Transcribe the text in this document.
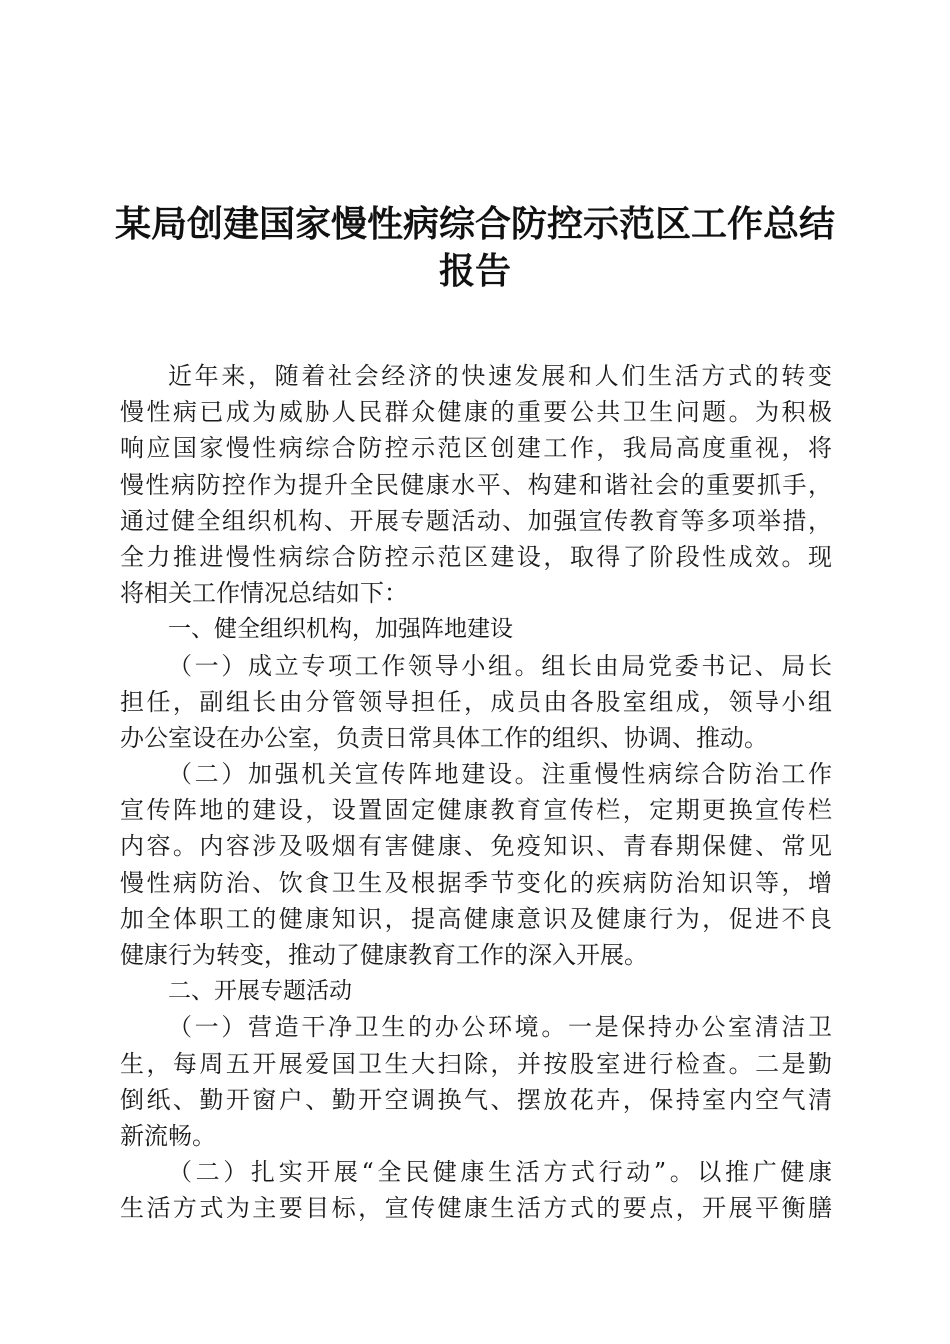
某局创建国家慢性病综合防控示范区工作总结
报告
近年来，随着社会经济的快速发展和人们生活方式的转变
慢性病已成为威胁人民群众健康的重要公共卫生问题。为积极
响应国家慢性病综合防控示范区创建工作，我局高度重视，将
慢性病防控作为提升全民健康水平、构建和谐社会的重要抓手，
通过健全组织机构、开展专题活动、加强宣传教育等多项举措，
全力推进慢性病综合防控示范区建设，取得了阶段性成效。现
将相关工作情况总结如下：
一、健全组织机构，加强阵地建设
（一）成立专项工作领导小组。组长由局党委书记、局长
担任，副组长由分管领导担任，成员由各股室组成，领导小组
办公室设在办公室，负责日常具体工作的组织、协调、推动。
（二）加强机关宣传阵地建设。注重慢性病综合防治工作
宣传阵地的建设，设置固定健康教育宣传栏，定期更换宣传栏
内容。内容涉及吸烟有害健康、免疫知识、青春期保健、常见
慢性病防治、饮食卫生及根据季节变化的疾病防治知识等，增
加全体职工的健康知识，提高健康意识及健康行为，促进不良
健康行为转变，推动了健康教育工作的深入开展。
二、开展专题活动
（一）营造干净卫生的办公环境。一是保持办公室清洁卫
生，每周五开展爱国卫生大扫除，并按股室进行检查。二是勤
倒纸、勤开窗户、勤开空调换气、摆放花卉，保持室内空气清
新流畅。
（二）扎实开展“全民健康生活方式行动”。以推广健康
生活方式为主要目标，宣传健康生活方式的要点，开展平衡膳
